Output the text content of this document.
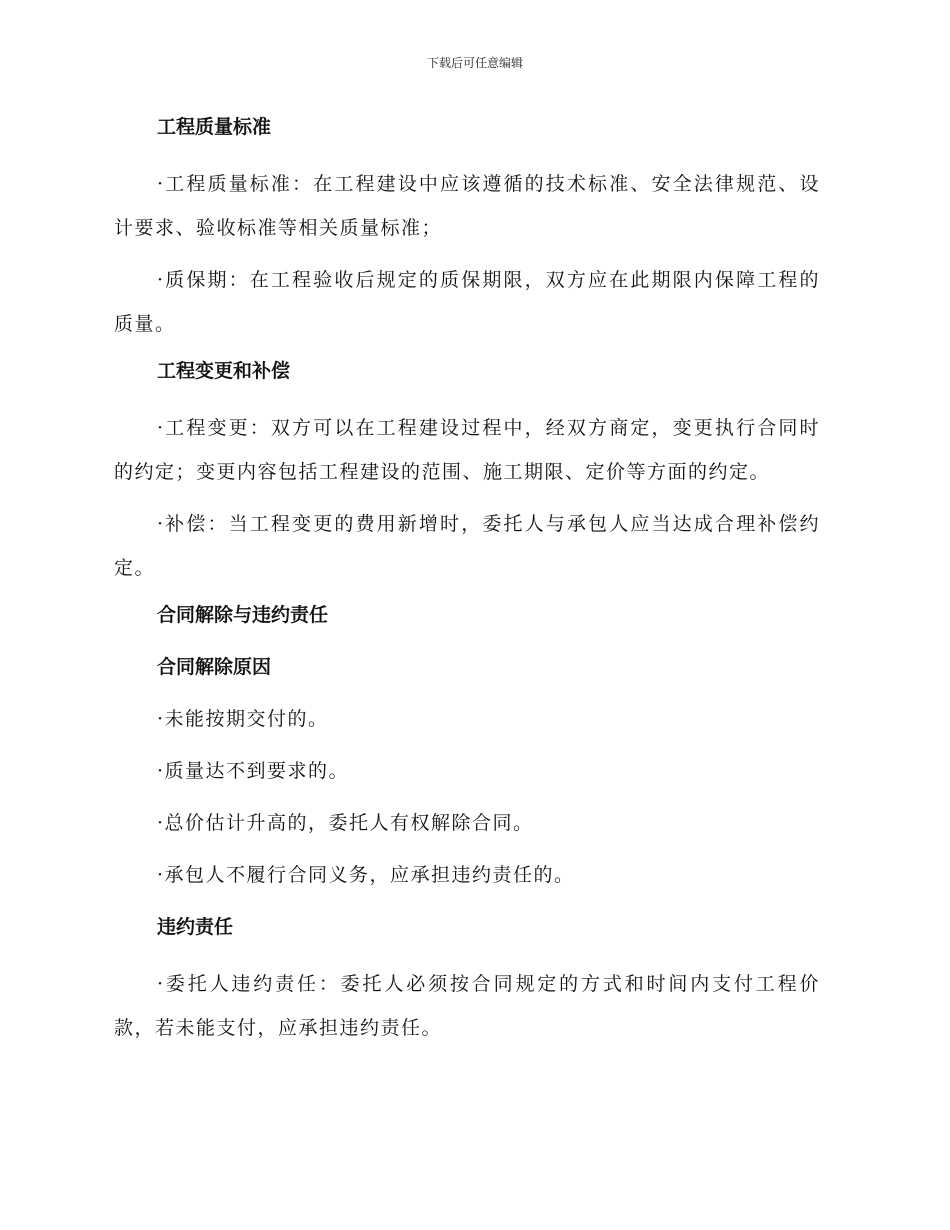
下载后可任意编辑
工程质量标准
·工程质量标准：在工程建设中应该遵循的技术标准、安全法律规范、设计要求、验收标准等相关质量标准；
·质保期：在工程验收后规定的质保期限，双方应在此期限内保障工程的质量。
工程变更和补偿
·工程变更：双方可以在工程建设过程中，经双方商定，变更执行合同时的约定；变更内容包括工程建设的范围、施工期限、定价等方面的约定。
·补偿：当工程变更的费用新增时，委托人与承包人应当达成合理补偿约定。
合同解除与违约责任
合同解除原因
·未能按期交付的。
·质量达不到要求的。
·总价估计升高的，委托人有权解除合同。
·承包人不履行合同义务，应承担违约责任的。
违约责任
·委托人违约责任：委托人必须按合同规定的方式和时间内支付工程价款，若未能支付，应承担违约责任。
